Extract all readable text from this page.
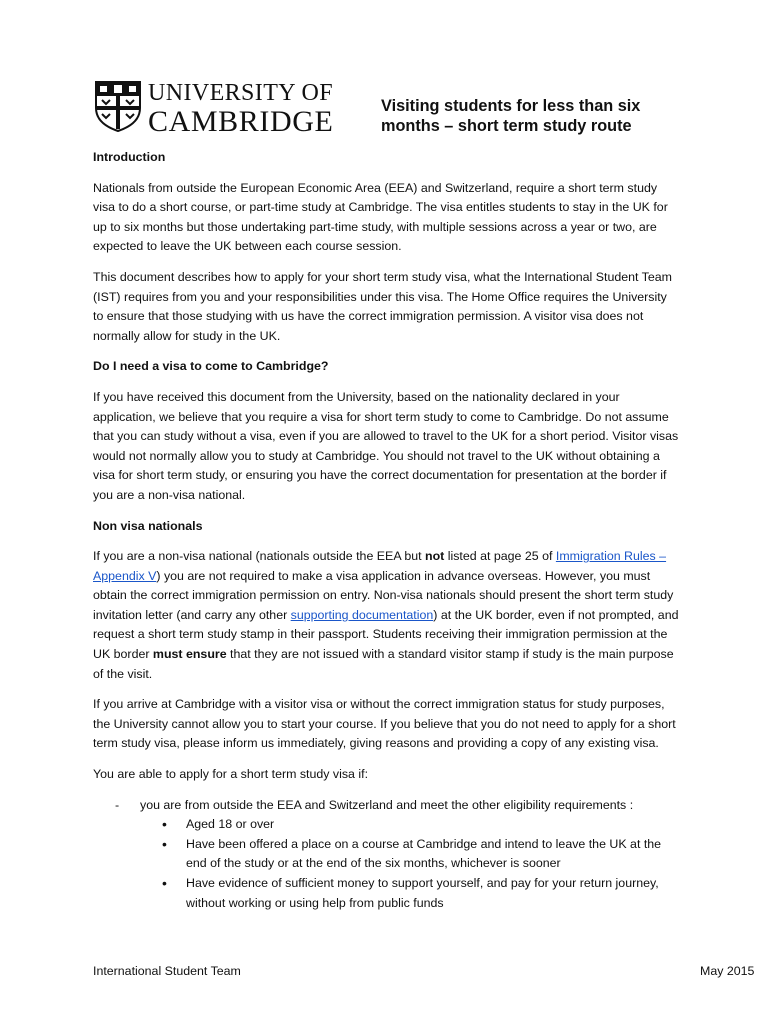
UNIVERSITY OF
CAMBRIDGE	Visiting students for less than six
months – short term study route
Introduction

Nationals from outside the European Economic Area (EEA) and Switzerland, require a short term study visa to do a short course, or part-time study at Cambridge. The visa entitles students to stay in the UK for up to six months but those undertaking part-time study, with multiple sessions across a year or two, are expected to leave the UK between each course session.

This document describes how to apply for your short term study visa, what the International Student Team (IST) requires from you and your responsibilities under this visa. The Home Office requires the University to ensure that those studying with us have the correct immigration permission. A visitor visa does not normally allow for study in the UK.

Do I need a visa to come to Cambridge?

If you have received this document from the University, based on the nationality declared in your application, we believe that you require a visa for short term study to come to Cambridge. Do not assume that you can study without a visa, even if you are allowed to travel to the UK for a short period. Visitor visas would not normally allow you to study at Cambridge. You should not travel to the UK without obtaining a visa for short term study, or ensuring you have the correct documentation for presentation at the border if you are a non-visa national.

Non visa nationals

If you are a non-visa national (nationals outside the EEA but not listed at page 25 of Immigration Rules – Appendix V) you are not required to make a visa application in advance overseas. However, you must obtain the correct immigration permission on entry. Non-visa nationals should present the short term study invitation letter (and carry any other supporting documentation) at the UK border, even if not prompted, and request a short term study stamp in their passport. Students receiving their immigration permission at the UK border must ensure that they are not issued with a standard visitor stamp if study is the main purpose of the visit.

If you arrive at Cambridge with a visitor visa or without the correct immigration status for study purposes, the University cannot allow you to start your course. If you believe that you do not need to apply for a short term study visa, please inform us immediately, giving reasons and providing a copy of any existing visa.

You are able to apply for a short term study visa if:

- you are from outside the EEA and Switzerland and meet the other eligibility requirements :
• Aged 18 or over
• Have been offered a place on a course at Cambridge and intend to leave the UK at the end of the study or at the end of the six months, whichever is sooner
• Have evidence of sufficient money to support yourself, and pay for your return journey, without working or using help from public funds
International Student Team	May 2015
